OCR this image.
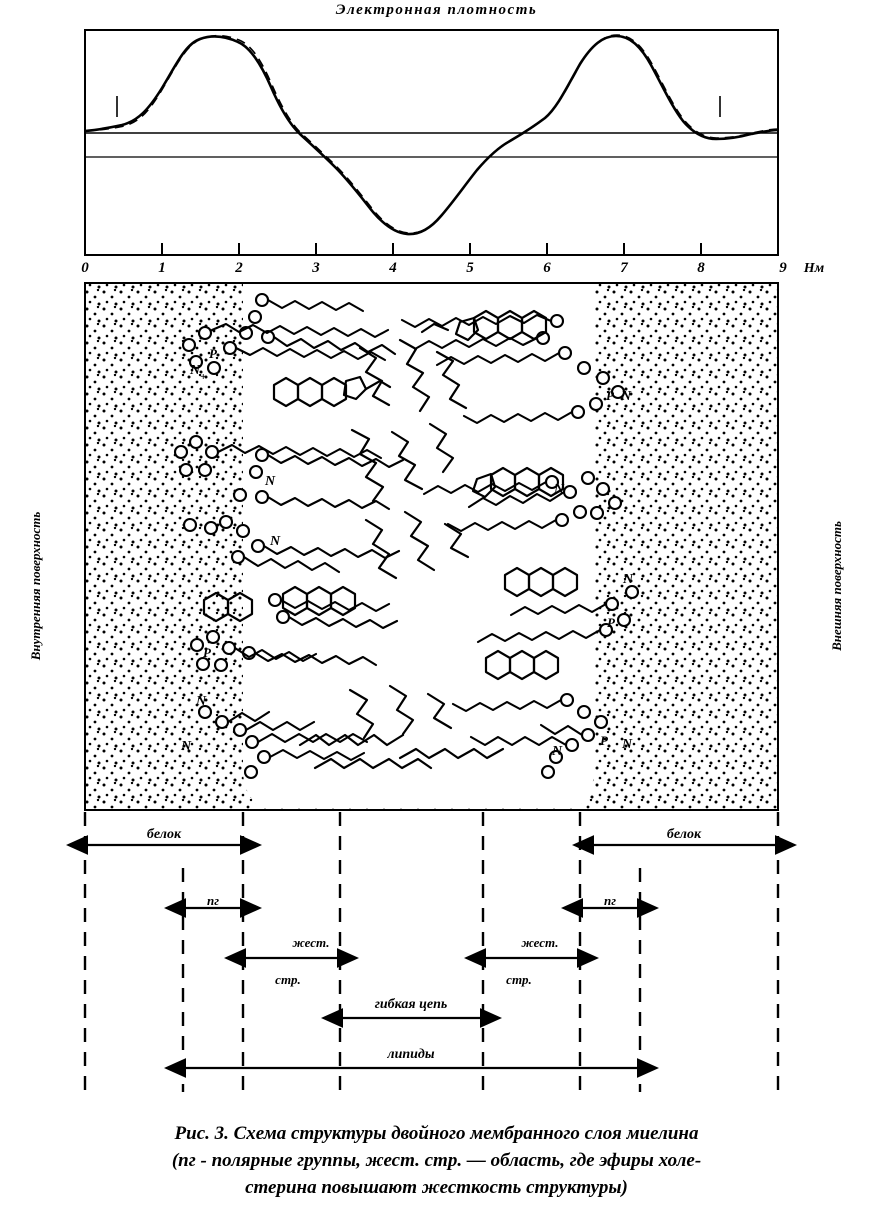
Электронная плотность
0	1	2	3	4	5	6	7	8	9 Нм
N +
N
N
N
N
N
N
N
N	N
P
P
P
P
P
белок	белок
пг	пг
жест.
стр.
жест.
стр.
гибкая цепь
липиды
Внутренняя поверхность	Внешняя поверхность
Рис. 3. Схема структуры двойного мембранного слоя миелина
(пг - полярные группы, жест. стр. — область, где эфиры холе-
стерина повышают жесткость структуры)
